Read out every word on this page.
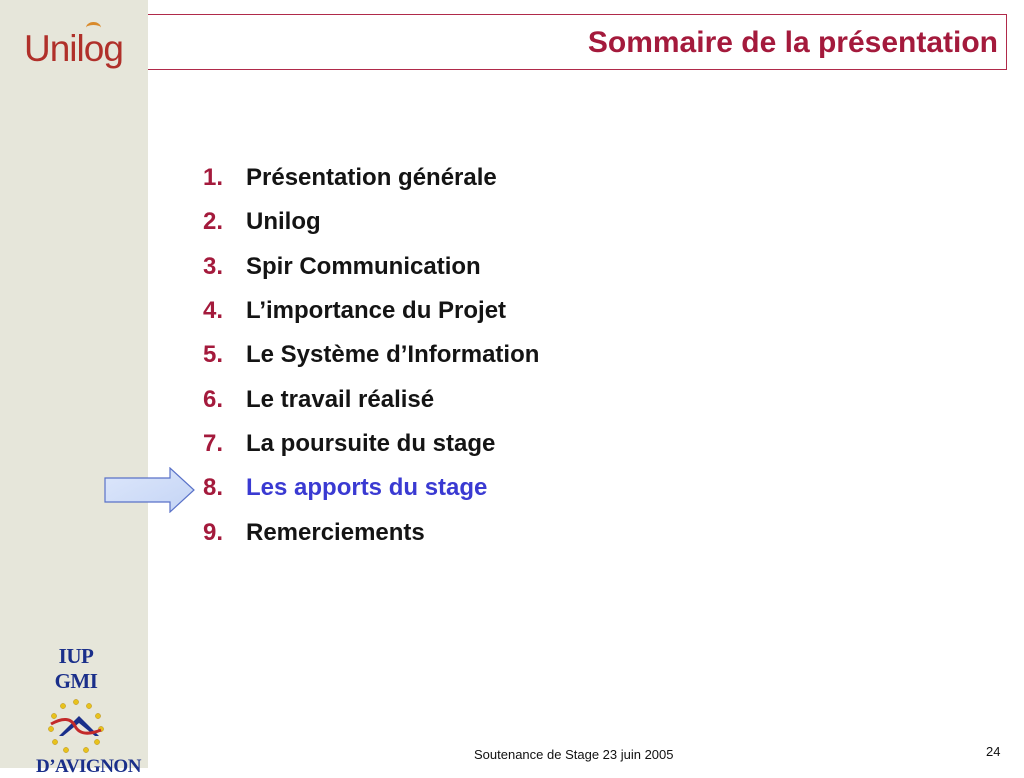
Unilog	Sommaire de la présentation
1. Présentation générale
2. Unilog
3. Spir Communication
4. L’importance du Projet
5. Le Système d’Information
6. Le travail réalisé
7. La poursuite du stage
8. Les apports du stage
9. Remerciements
IUP GMI
D’AVIGNON
Soutenance de Stage 23 juin 2005	24
